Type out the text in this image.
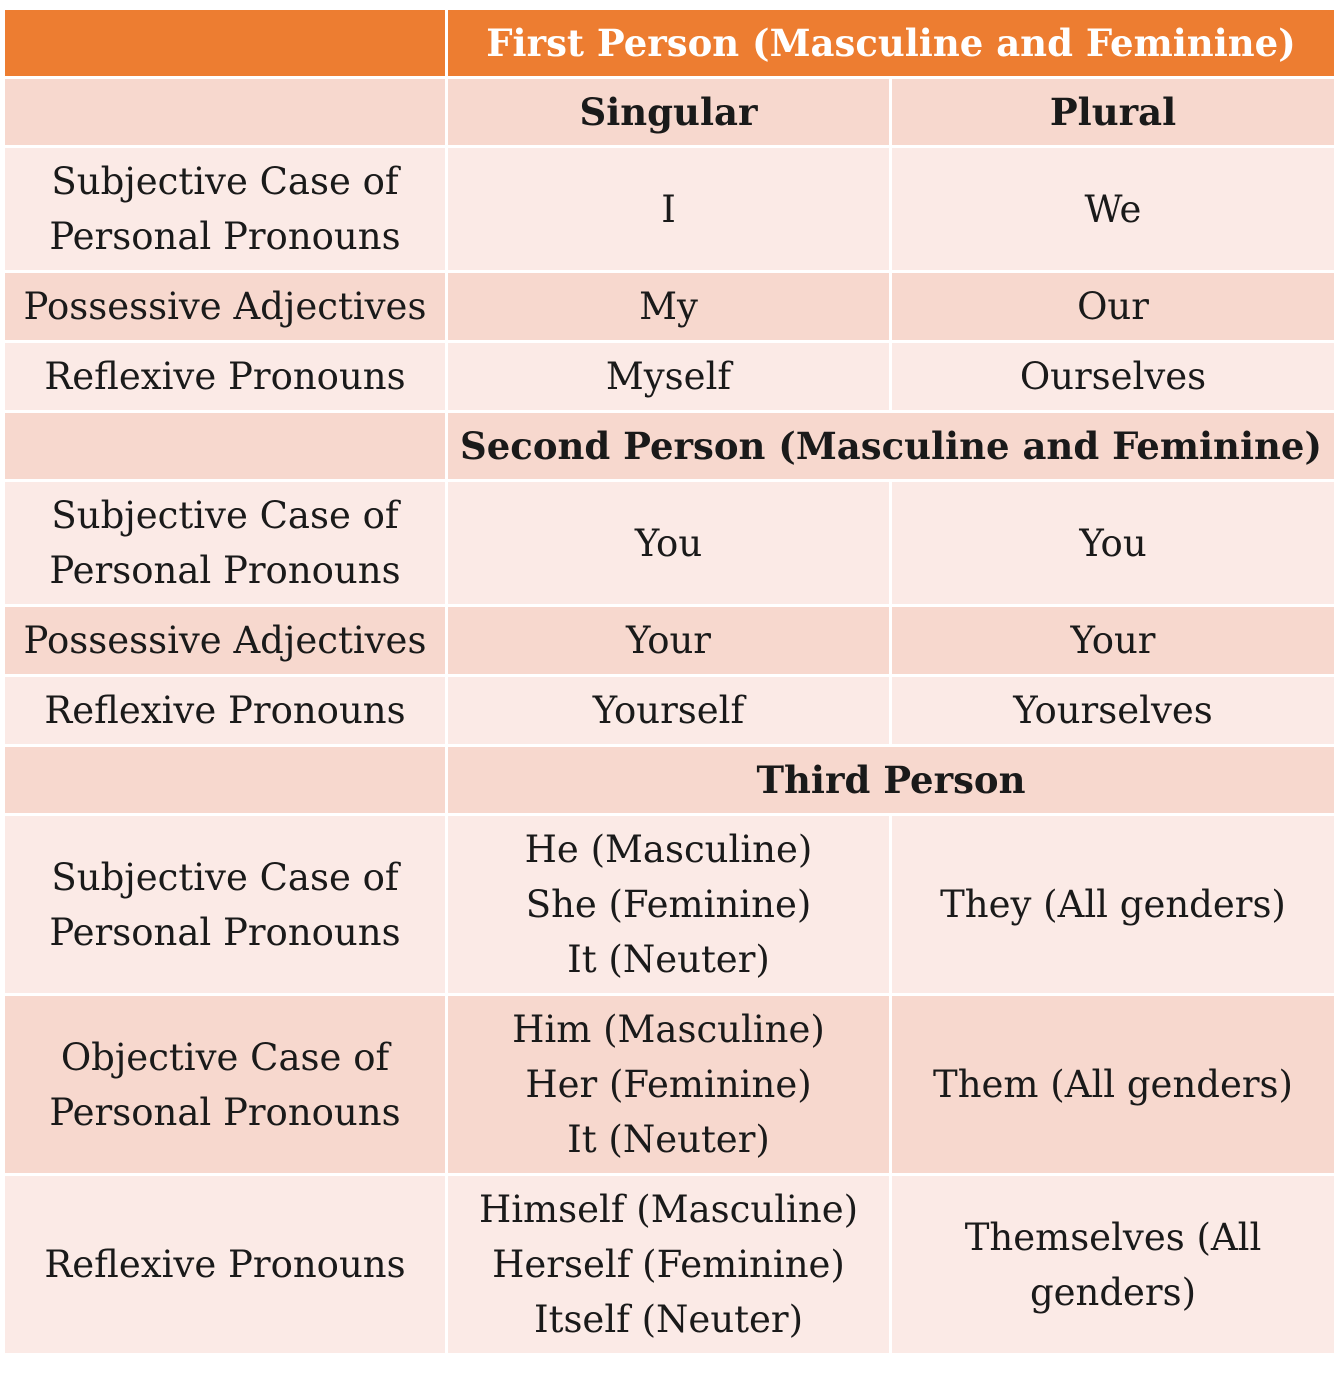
	First Person (Masculine and Feminine)	
	Singular	Plural

Subjective Case of
Personal Pronouns	I	We

Possessive Adjectives	My	Our

Reflexive Pronouns	Myself	Ourselves

	Second Person (Masculine and Feminine)	

Subjective Case of
Personal Pronouns	You	You

Possessive Adjectives	Your	Your

Reflexive Pronouns	Yourself	Yourselves

	Third Person	

Subjective Case of
Personal Pronouns	He (Masculine)
She (Feminine)
It (Neuter)	They (All genders)

Objective Case of
Personal Pronouns	Him (Masculine)
Her (Feminine)
It (Neuter)	Them (All genders)

Reflexive Pronouns	Himself (Masculine)
Herself (Feminine)
Itself (Neuter)	Themselves (All
genders)
